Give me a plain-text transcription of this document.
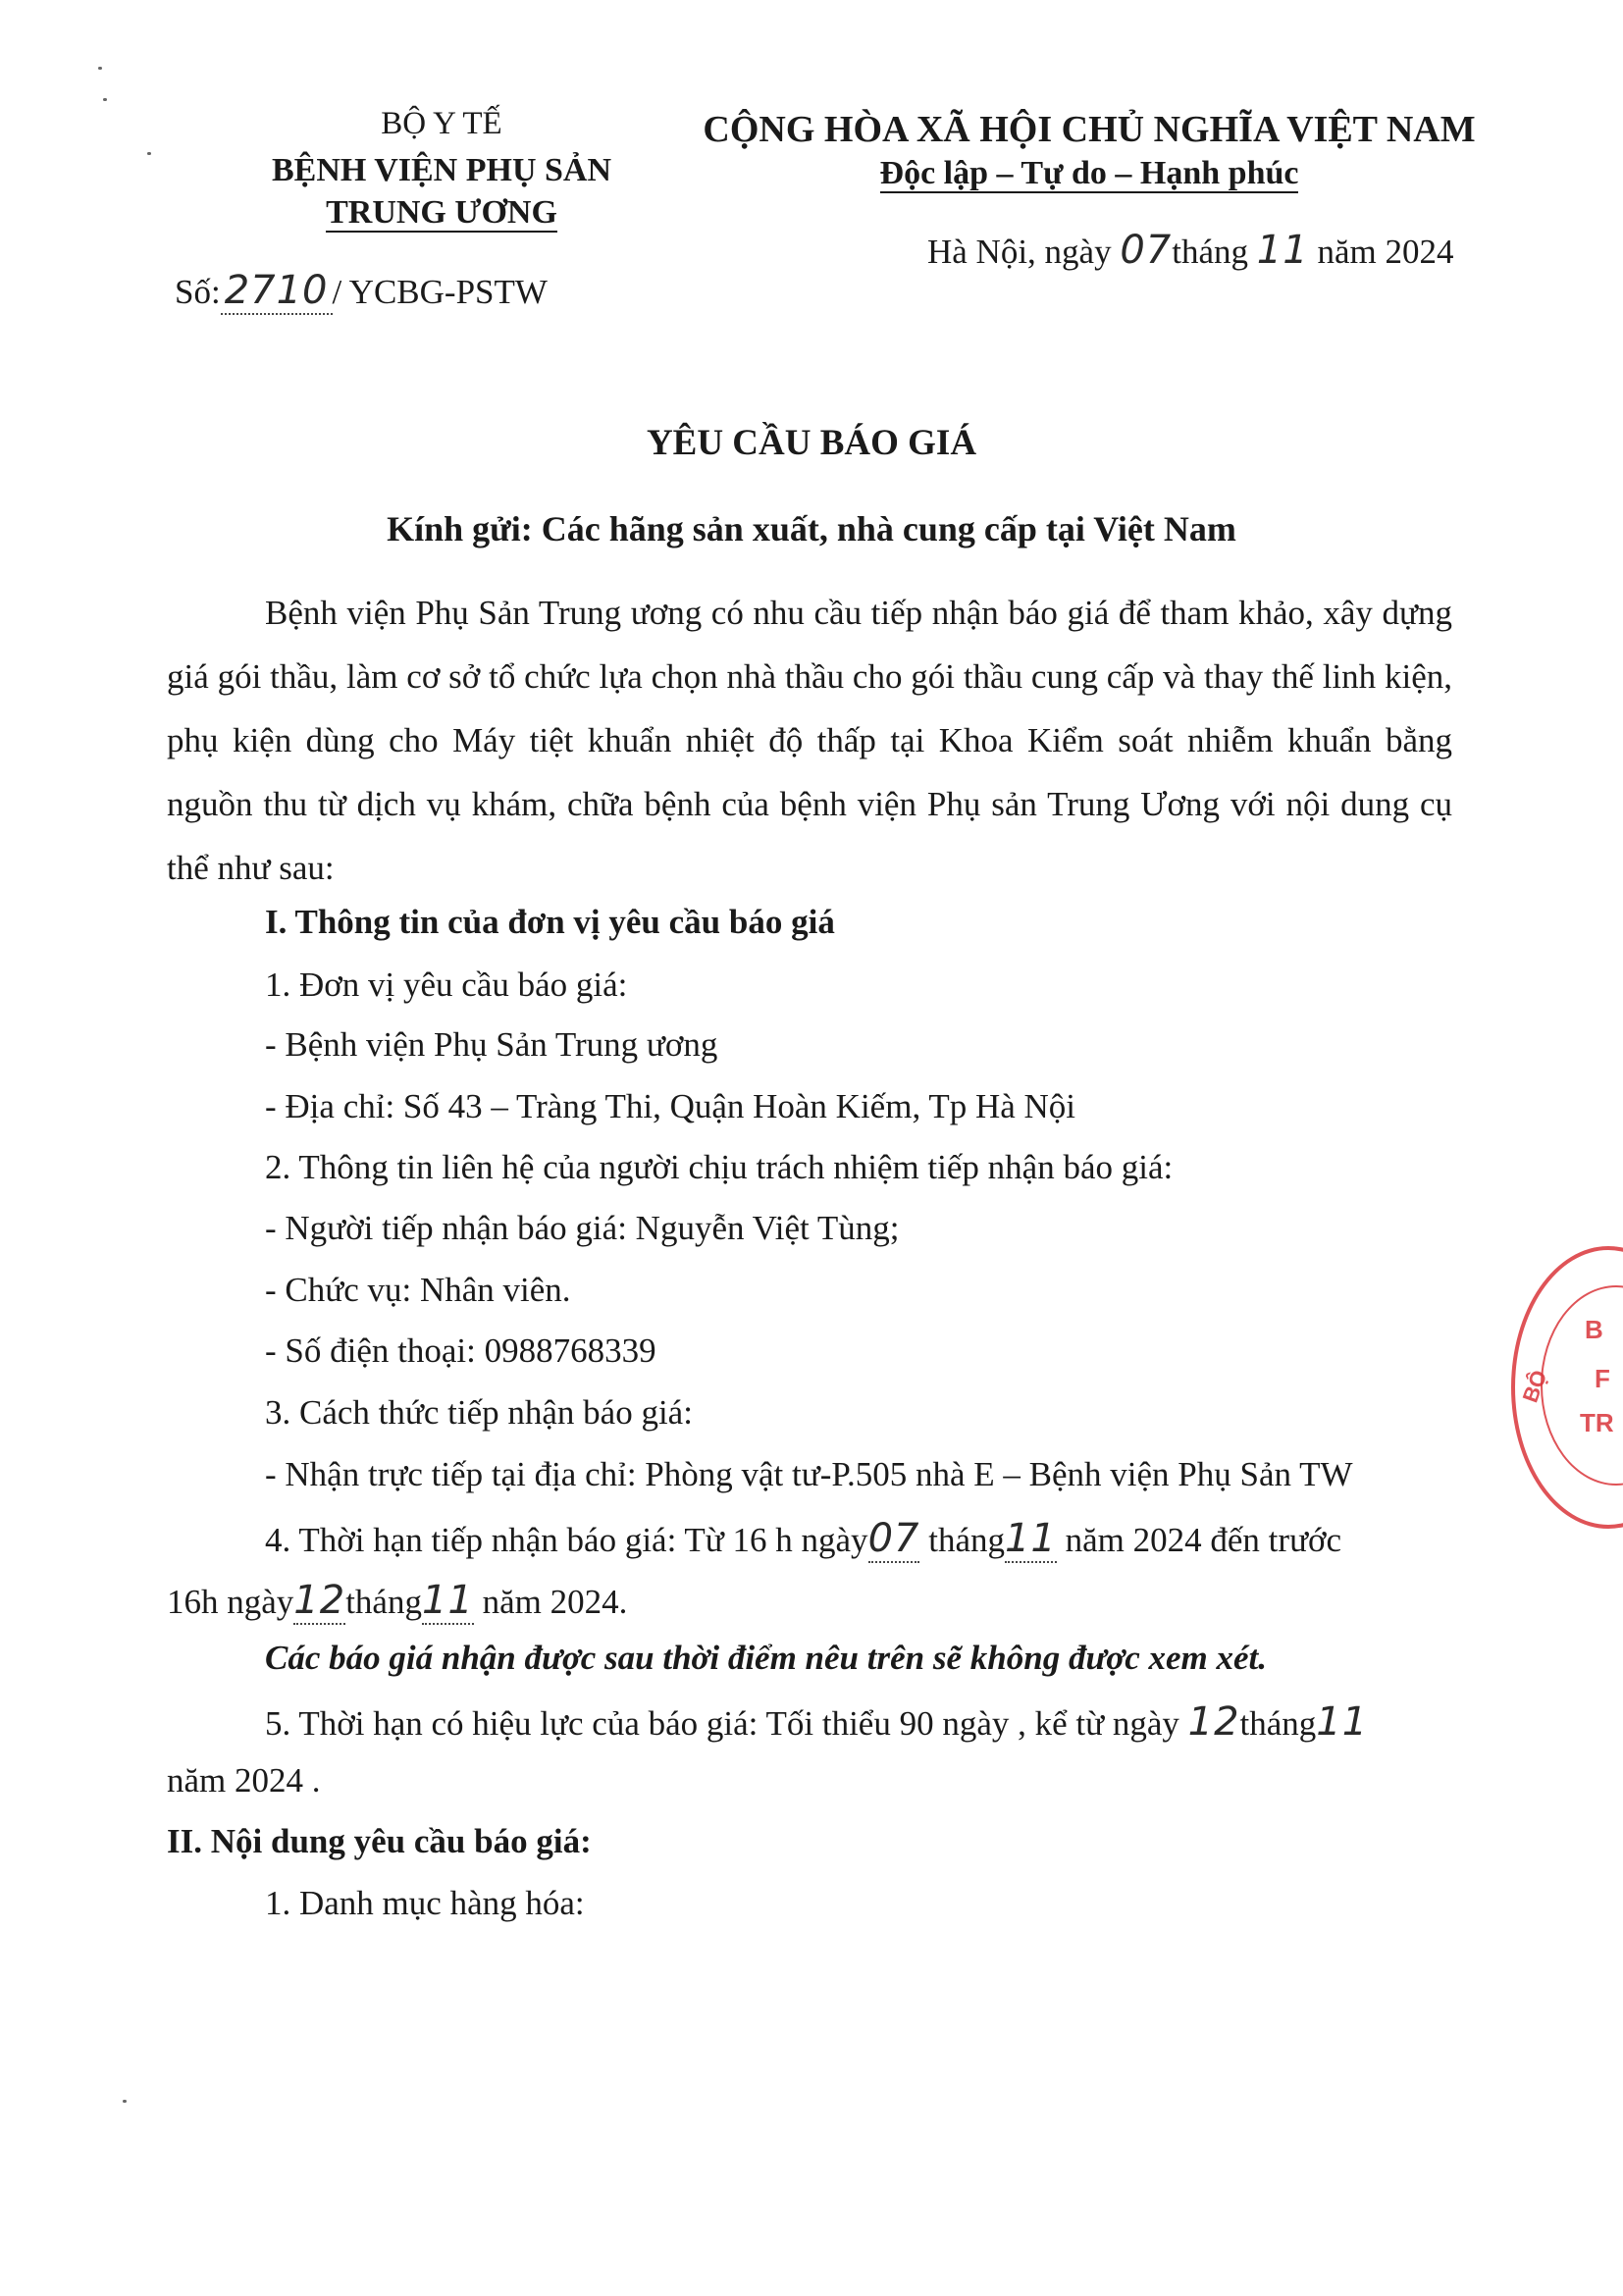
BỘ Y TẾ
BỆNH VIỆN PHỤ SẢN
TRUNG ƯƠNG
Số: 2710 / YCBG-PSTW
CỘNG HÒA XÃ HỘI CHỦ NGHĨA VIỆT NAM
Độc lập – Tự do – Hạnh phúc
Hà Nội, ngày 07tháng 11 năm 2024
YÊU CẦU BÁO GIÁ
Kính gửi: Các hãng sản xuất, nhà cung cấp tại Việt Nam
Bệnh viện Phụ Sản Trung ương có nhu cầu tiếp nhận báo giá để tham khảo, xây dựng giá gói thầu, làm cơ sở tổ chức lựa chọn nhà thầu cho gói thầu cung cấp và thay thế linh kiện, phụ kiện dùng cho Máy tiệt khuẩn nhiệt độ thấp tại Khoa Kiểm soát nhiễm khuẩn bằng nguồn thu từ dịch vụ khám, chữa bệnh của bệnh viện Phụ sản Trung Ương với nội dung cụ thể như sau:
I. Thông tin của đơn vị yêu cầu báo giá
1. Đơn vị yêu cầu báo giá:
- Bệnh viện Phụ Sản Trung ương
- Địa chỉ: Số 43 – Tràng Thi, Quận Hoàn Kiếm, Tp Hà Nội
2. Thông tin liên hệ của người chịu trách nhiệm tiếp nhận báo giá:
- Người tiếp nhận báo giá: Nguyễn Việt Tùng;
- Chức vụ: Nhân viên.
- Số điện thoại: 0988768339
3. Cách thức tiếp nhận báo giá:
- Nhận trực tiếp tại địa chỉ: Phòng vật tư-P.505 nhà E – Bệnh viện Phụ Sản TW
4. Thời hạn tiếp nhận báo giá: Từ 16 h ngày07 tháng11 năm 2024 đến trước
16h ngày12tháng11 năm 2024.
Các báo giá nhận được sau thời điểm nêu trên sẽ không được xem xét.
5. Thời hạn có hiệu lực của báo giá: Tối thiểu 90 ngày , kể từ ngày 12tháng11
năm 2024 .
II. Nội dung yêu cầu báo giá:
1. Danh mục hàng hóa:
B
F
TR
BỘ
